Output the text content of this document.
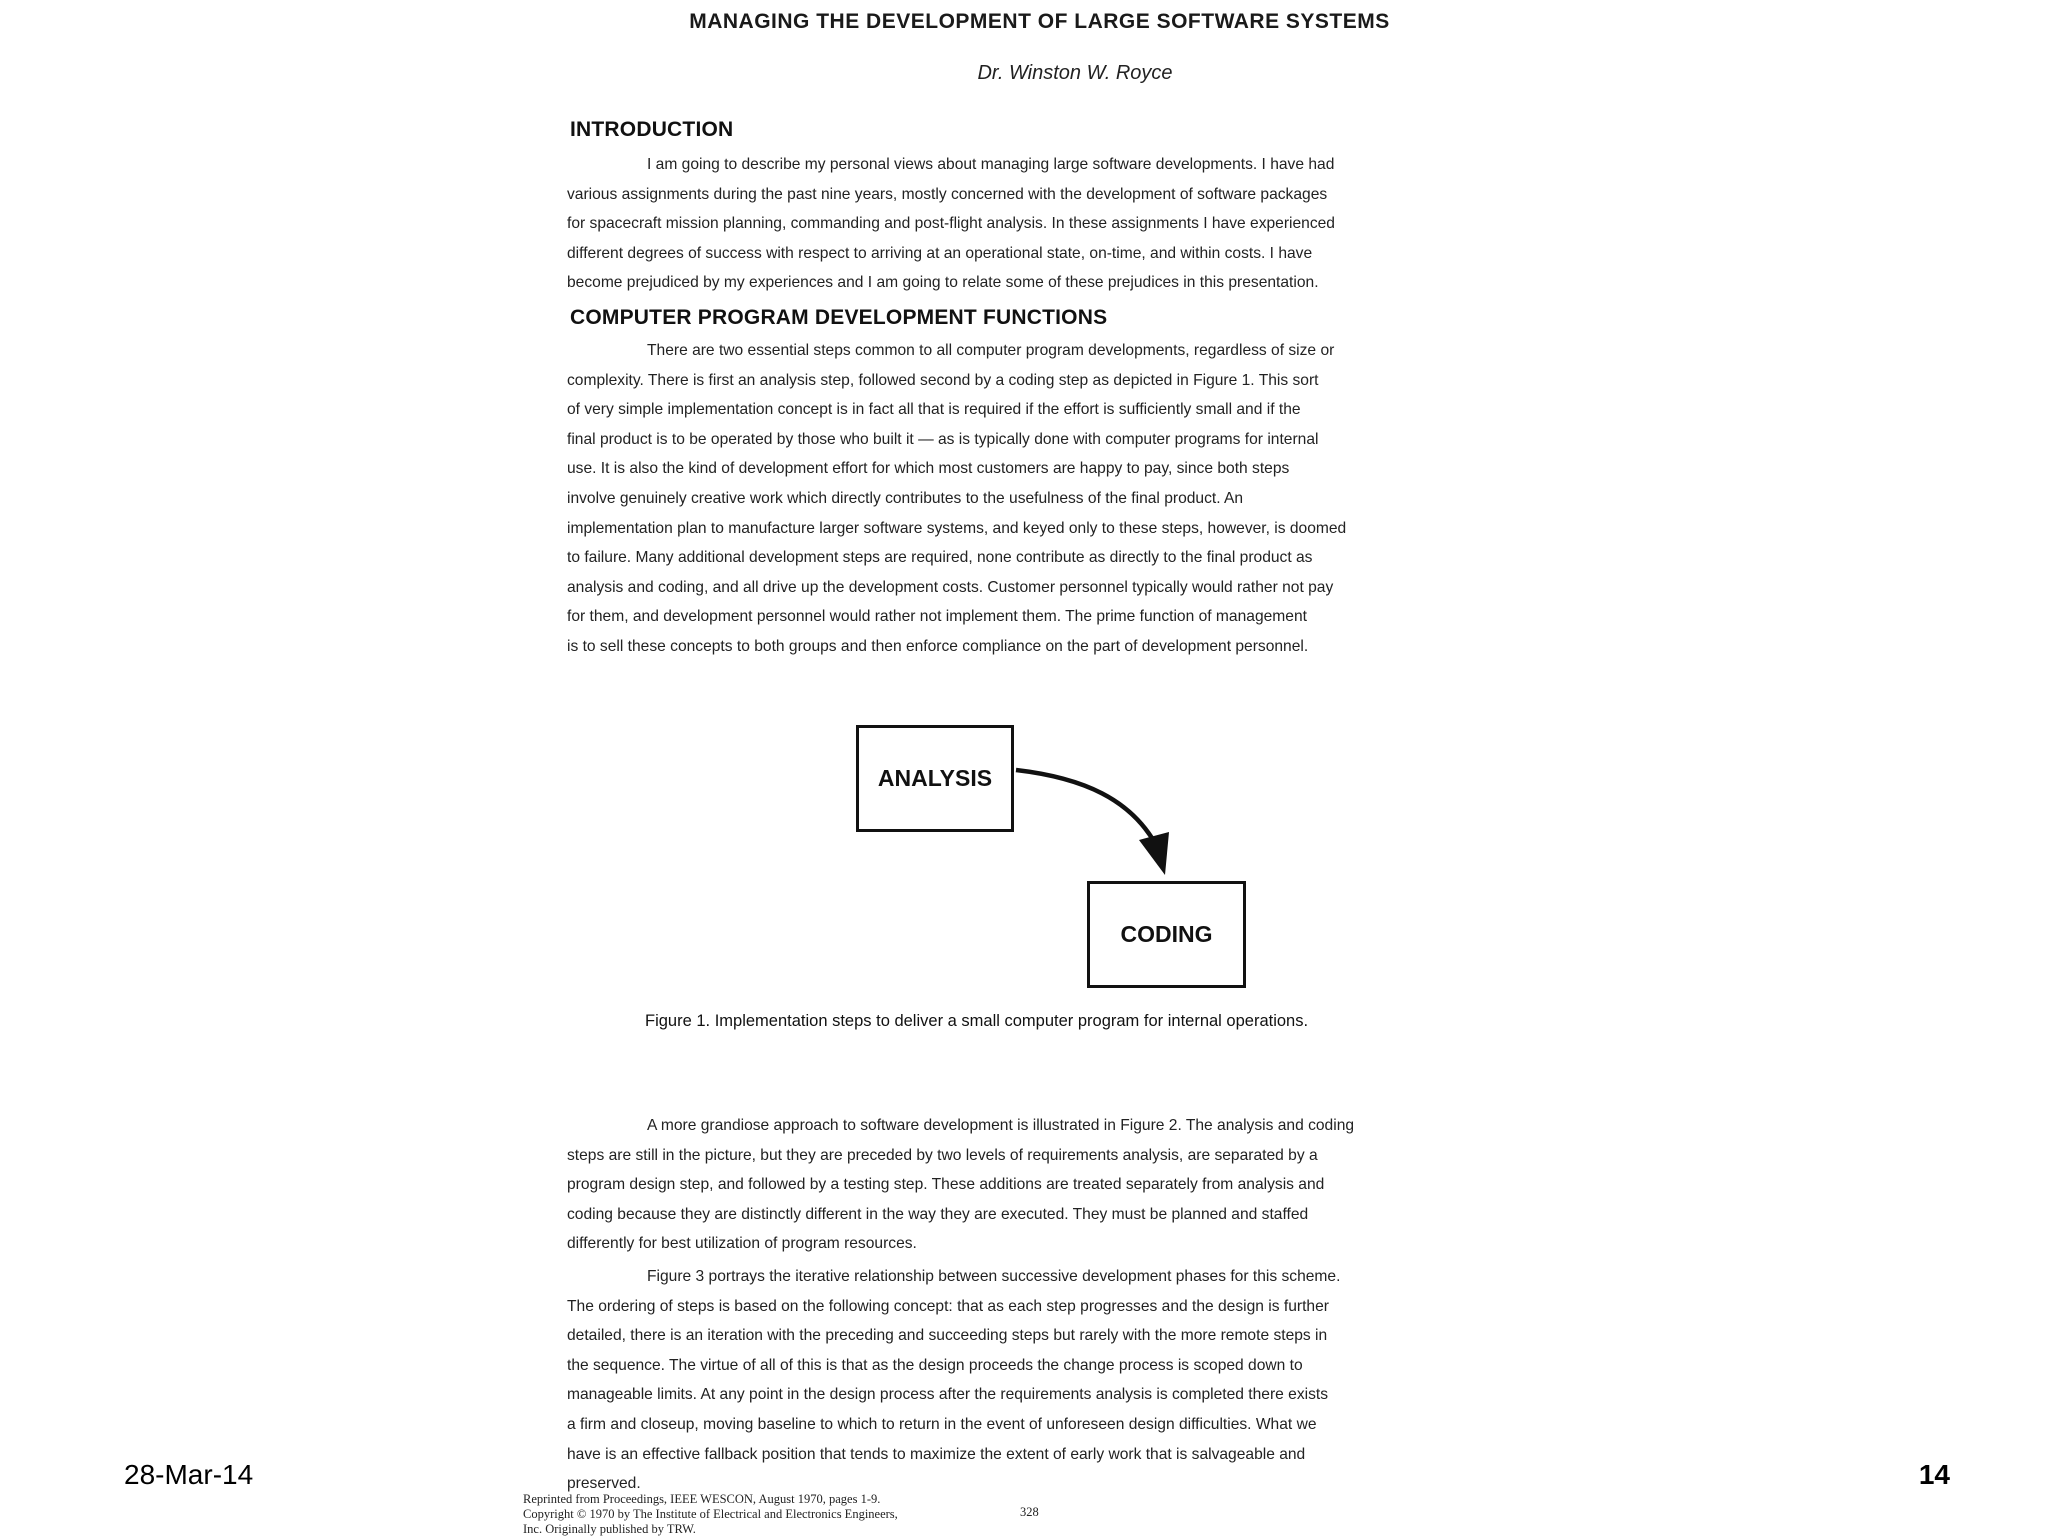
MANAGING THE DEVELOPMENT OF LARGE SOFTWARE SYSTEMS
Dr. Winston W. Royce
INTRODUCTION
I am going to describe my personal views about managing large software developments. I have had
various assignments during the past nine years, mostly concerned with the development of software packages
for spacecraft mission planning, commanding and post-flight analysis. In these assignments I have experienced
different degrees of success with respect to arriving at an operational state, on-time, and within costs. I have
become prejudiced by my experiences and I am going to relate some of these prejudices in this presentation.
COMPUTER PROGRAM DEVELOPMENT FUNCTIONS
There are two essential steps common to all computer program developments, regardless of size or
complexity. There is first an analysis step, followed second by a coding step as depicted in Figure 1. This sort
of very simple implementation concept is in fact all that is required if the effort is sufficiently small and if the
final product is to be operated by those who built it — as is typically done with computer programs for internal
use. It is also the kind of development effort for which most customers are happy to pay, since both steps
involve genuinely creative work which directly contributes to the usefulness of the final product. An
implementation plan to manufacture larger software systems, and keyed only to these steps, however, is doomed
to failure. Many additional development steps are required, none contribute as directly to the final product as
analysis and coding, and all drive up the development costs. Customer personnel typically would rather not pay
for them, and development personnel would rather not implement them. The prime function of management
is to sell these concepts to both groups and then enforce compliance on the part of development personnel.
ANALYSIS
CODING
Figure 1. Implementation steps to deliver a small computer program for internal operations.
A more grandiose approach to software development is illustrated in Figure 2. The analysis and coding
steps are still in the picture, but they are preceded by two levels of requirements analysis, are separated by a
program design step, and followed by a testing step. These additions are treated separately from analysis and
coding because they are distinctly different in the way they are executed. They must be planned and staffed
differently for best utilization of program resources.
Figure 3 portrays the iterative relationship between successive development phases for this scheme.
The ordering of steps is based on the following concept: that as each step progresses and the design is further
detailed, there is an iteration with the preceding and succeeding steps but rarely with the more remote steps in
the sequence. The virtue of all of this is that as the design proceeds the change process is scoped down to
manageable limits. At any point in the design process after the requirements analysis is completed there exists
a firm and closeup, moving baseline to which to return in the event of unforeseen design difficulties. What we
have is an effective fallback position that tends to maximize the extent of early work that is salvageable and
preserved.
Reprinted from Proceedings, IEEE WESCON, August 1970, pages 1-9.
Copyright © 1970 by The Institute of Electrical and Electronics Engineers,
Inc. Originally published by TRW.
328
28-Mar-14	14
